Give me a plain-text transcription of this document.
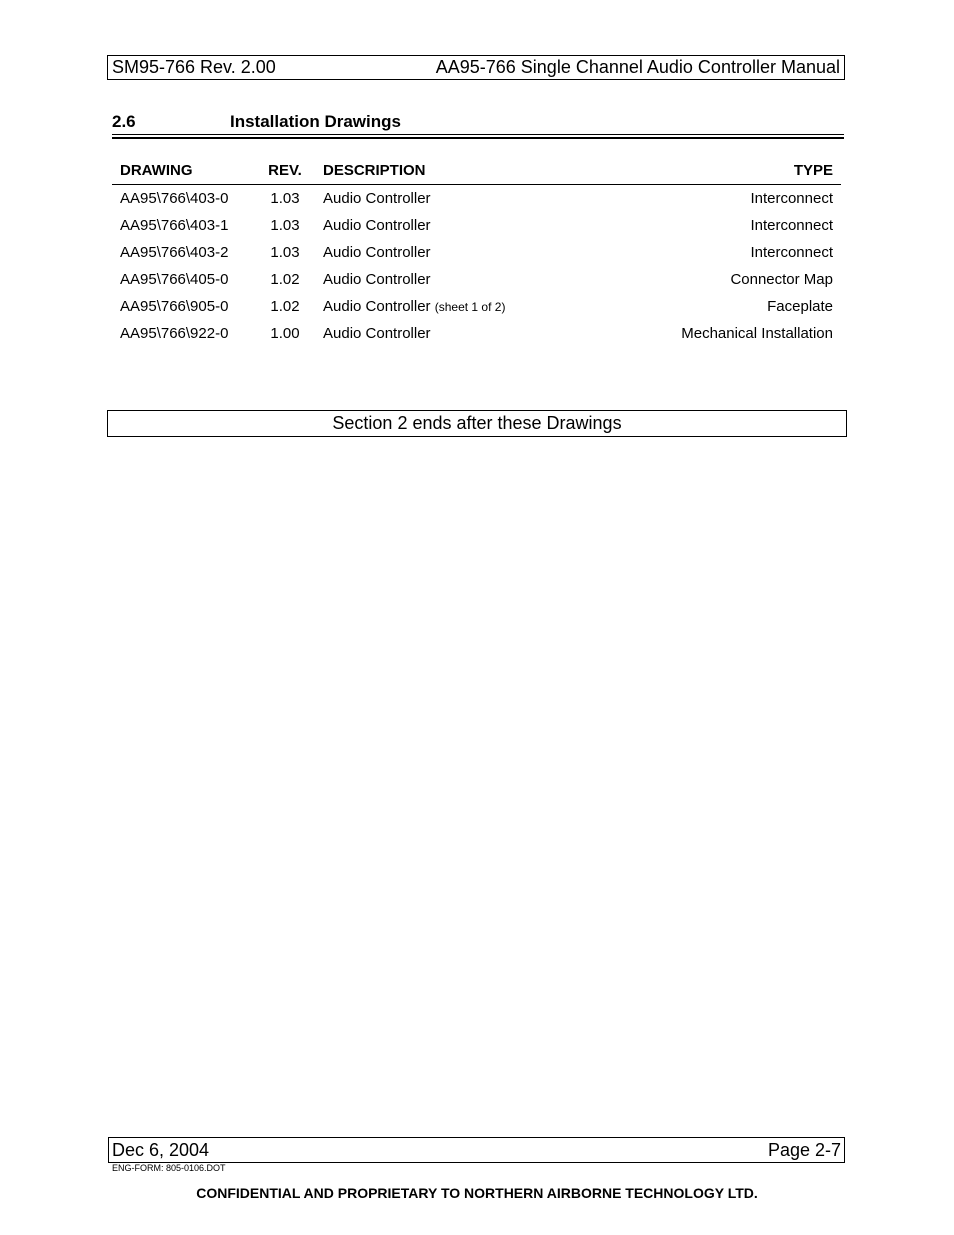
SM95-766 Rev. 2.00	AA95-766 Single Channel Audio Controller Manual
2.6	Installation Drawings
DRAWING	REV.	DESCRIPTION	TYPE
AA95\766\403-0	1.03	Audio Controller	Interconnect
AA95\766\403-1	1.03	Audio Controller	Interconnect
AA95\766\403-2	1.03	Audio Controller	Interconnect
AA95\766\405-0	1.02	Audio Controller	Connector Map
AA95\766\905-0	1.02	Audio Controller (sheet 1 of 2)	Faceplate
AA95\766\922-0	1.00	Audio Controller	Mechanical Installation
Section 2 ends after these Drawings
Dec 6, 2004	Page 2-7
ENG-FORM: 805-0106.DOT
CONFIDENTIAL AND PROPRIETARY TO NORTHERN AIRBORNE TECHNOLOGY LTD.
